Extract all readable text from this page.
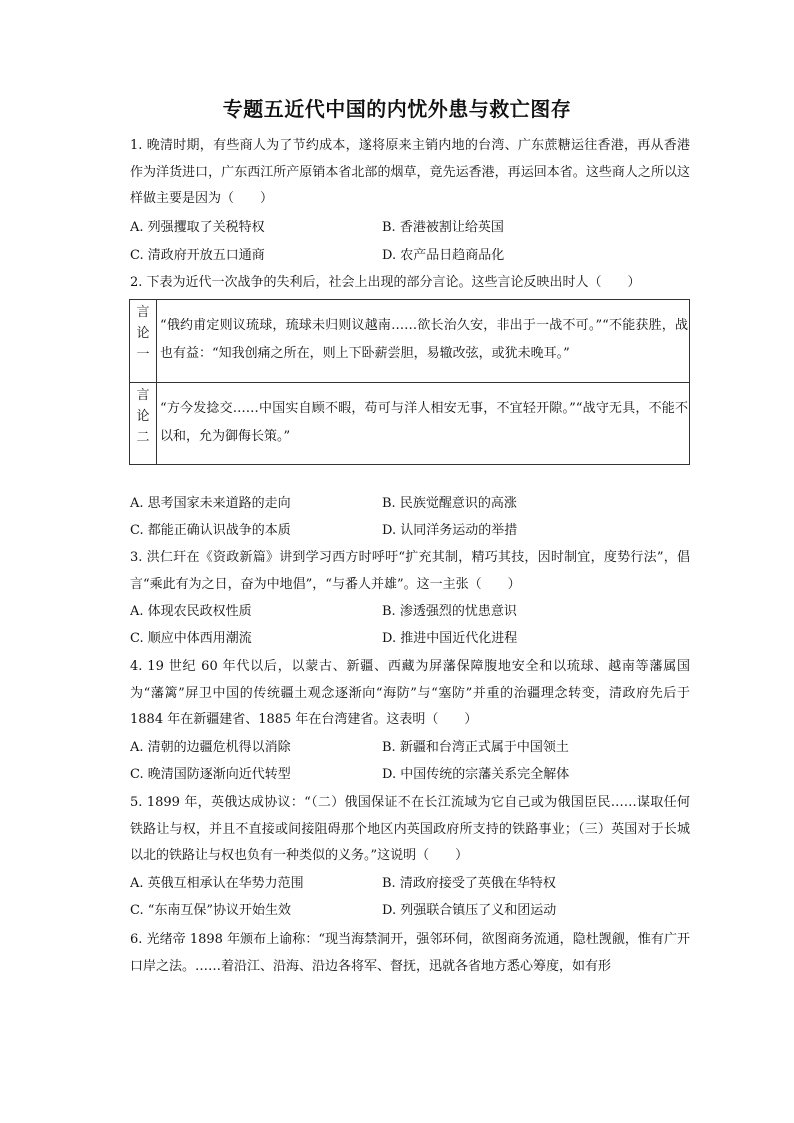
专题五近代中国的内忧外患与救亡图存
1. 晚清时期，有些商人为了节约成本，遂将原来主销内地的台湾、广东蔗糖运往香港，再从香港作为洋货进口，广东西江所产原销本省北部的烟草，竟先运香港，再运回本省。这些商人之所以这样做主要是因为（　　）
A. 列强攫取了关税特权	B. 香港被割让给英国
C. 清政府开放五口通商	D. 农产品日趋商品化
2. 下表为近代一次战争的失利后，社会上出现的部分言论。这些言论反映出时人（　　）
言
论
一
“俄约甫定则议琉球，琉球未归则议越南……欲长治久安，非出于一战不可。”“不能获胜，战也有益：“知我创痛之所在，则上下卧薪尝胆，易辙改弦，或犹未晚耳。”
言
论
二
“方今发捻交……中国实自顾不暇，苟可与洋人相安无事，不宜轻开隙。”“战守无具，不能不以和，允为御侮长策。”
A. 思考国家未来道路的走向	B. 民族觉醒意识的高涨
C. 都能正确认识战争的本质	D. 认同洋务运动的举措
3. 洪仁玕在《资政新篇》讲到学习西方时呼吁“扩充其制，精巧其技，因时制宜，度势行法”，倡言“乘此有为之日，奋为中地倡”，“与番人并雄”。这一主张（　　）
A. 体现农民政权性质	B. 渗透强烈的忧患意识
C. 顺应中体西用潮流	D. 推进中国近代化进程
4. 19 世纪 60 年代以后，以蒙古、新疆、西藏为屏藩保障腹地安全和以琉球、越南等藩属国为“藩篱”屏卫中国的传统疆土观念逐渐向“海防”与“塞防”并重的治疆理念转变，清政府先后于 1884 年在新疆建省、1885 年在台湾建省。这表明（　　）
A. 清朝的边疆危机得以消除	B. 新疆和台湾正式属于中国领土
C. 晚清国防逐渐向近代转型	D. 中国传统的宗藩关系完全解体
5. 1899 年，英俄达成协议：“（二）俄国保证不在长江流域为它自己或为俄国臣民……谋取任何铁路让与权，并且不直接或间接阻碍那个地区内英国政府所支持的铁路事业；（三）英国对于长城以北的铁路让与权也负有一种类似的义务。”这说明（　　）
A. 英俄互相承认在华势力范围	B. 清政府接受了英俄在华特权
C. “东南互保”协议开始生效	D. 列强联合镇压了义和团运动
6. 光绪帝 1898 年颁布上谕称：“现当海禁洞开，强邻环伺，欲图商务流通，隐杜觊觎，惟有广开口岸之法。……着沿江、沿海、沿边各将军、督抚，迅就各省地方悉心筹度，如有形
